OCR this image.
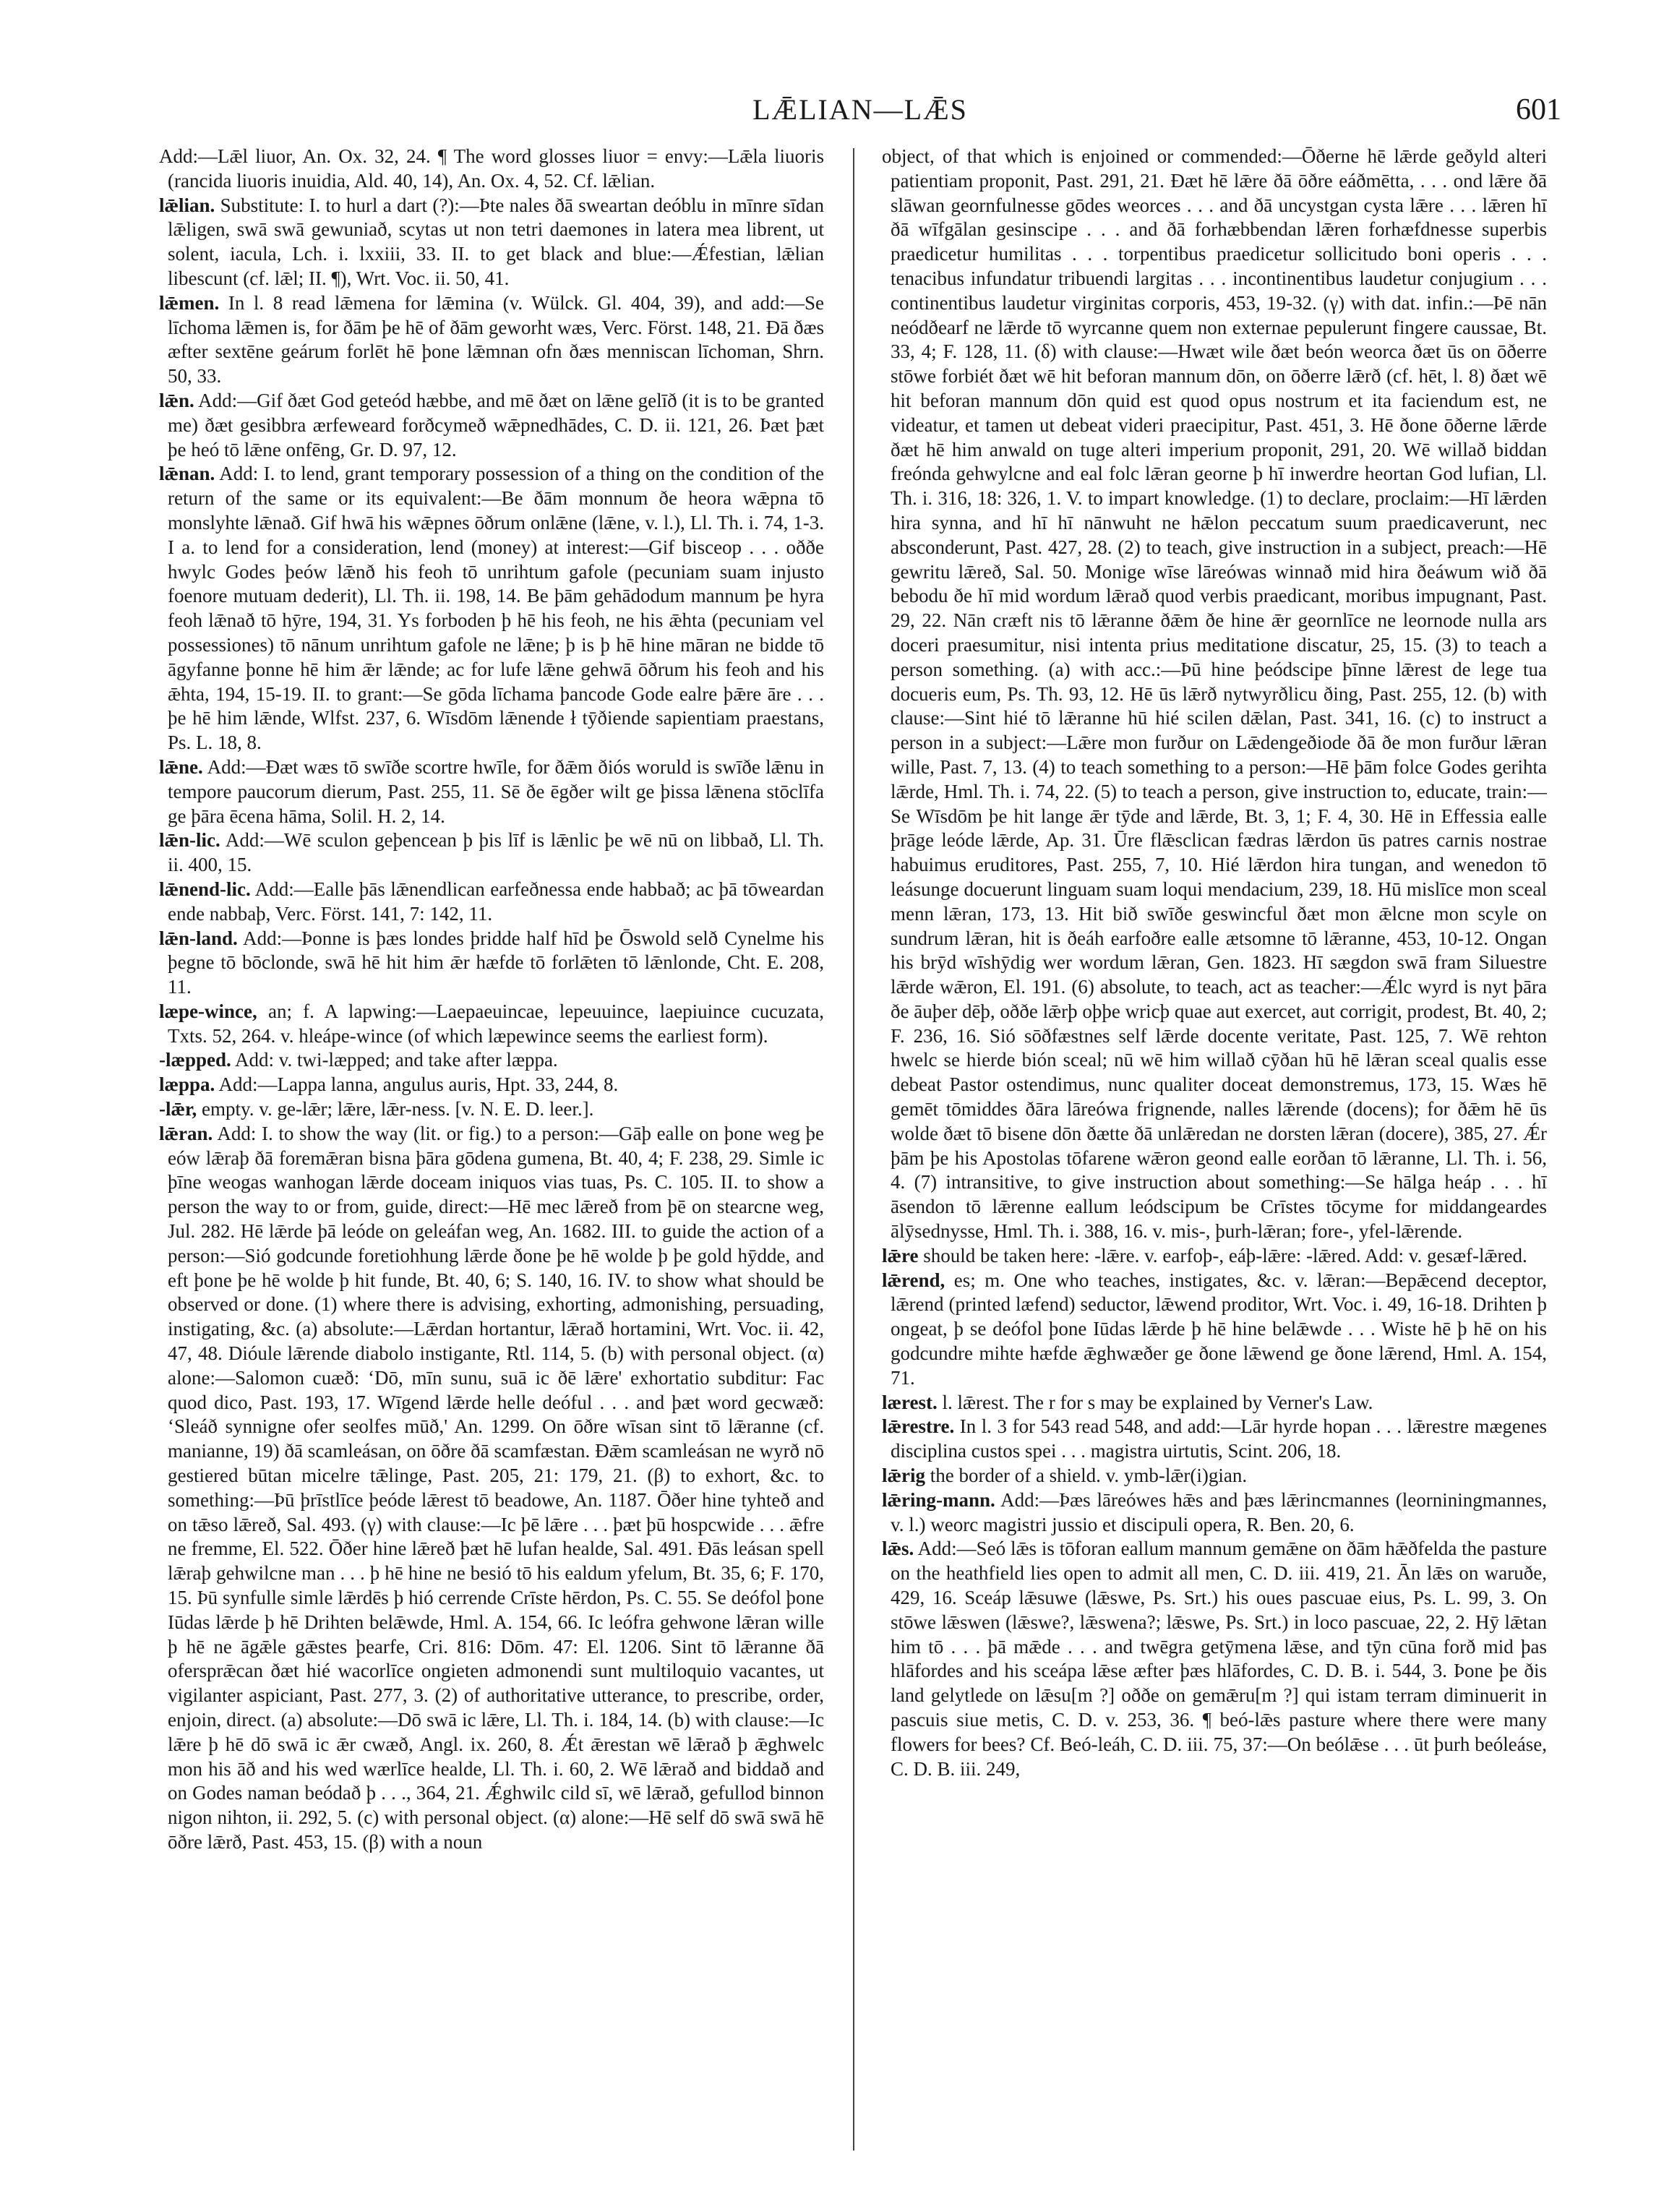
LǢLIAN—LǢS	601

Add:—Lǣl liuor, An. Ox. 32, 24. ¶ The word glosses liuor = envy:—Lǣla liuoris (rancida liuoris inuidia, Ald. 40, 14), An. Ox. 4, 52. Cf. lǣlian.

lǣlian. Substitute: I. to hurl a dart (?):—Þte nales ðā sweartan deóblu in mīnre sīdan lǣligen, swā swā gewuniað, scytas ut non tetri daemones in latera mea librent, ut solent, iacula, Lch. i. lxxiii, 33. II. to get black and blue:—Ǽfestian, lǣlian libescunt (cf. lǣl; II. ¶), Wrt. Voc. ii. 50, 41.

lǣmen. In l. 8 read lǣmena for lǣmina (v. Wülck. Gl. 404, 39), and add:—Se līchoma lǣmen is, for ðām þe hē of ðām geworht wæs, Verc. Först. 148, 21. Ðā ðæs æfter sextēne geárum forlēt hē þone lǣmnan ofn ðæs menniscan līchoman, Shrn. 50, 33.

lǣn. Add:—Gif ðæt God geteód hæbbe, and mē ðæt on lǣne gelīð (it is to be granted me) ðæt gesibbra ærfeweard forðcymeð wǣpnedhādes, C. D. ii. 121, 26. Þæt þæt þe heó tō lǣne onfēng, Gr. D. 97, 12.

lǣnan. Add: I. to lend, grant temporary possession of a thing on the condition of the return of the same or its equivalent:—Be ðām monnum ðe heora wǣpna tō monslyhte lǣnað. Gif hwā his wǣpnes ōðrum onlǣne (lǣne, v. l.), Ll. Th. i. 74, 1-3. I a. to lend for a consideration, lend (money) at interest:—Gif bisceop . . . oððe hwylc Godes þeów lǣnð his feoh tō unrihtum gafole (pecuniam suam injusto foenore mutuam dederit), Ll. Th. ii. 198, 14. Be þām gehādodum mannum þe hyra feoh lǣnað tō hȳre, 194, 31. Ys forboden þ hē his feoh, ne his ǣhta (pecuniam vel possessiones) tō nānum unrihtum gafole ne lǣne; þ is þ hē hine māran ne bidde tō āgyfanne þonne hē him ǣr lǣnde; ac for lufe lǣne gehwā ōðrum his feoh and his ǣhta, 194, 15-19. II. to grant:—Se gōda līchama þancode Gode ealre þǣre āre . . . þe hē him lǣnde, Wlfst. 237, 6. Wīsdōm lǣnende ł tȳðiende sapientiam praestans, Ps. L. 18, 8.

lǣne. Add:—Ðæt wæs tō swīðe scortre hwīle, for ðǣm ðiós woruld is swīðe lǣnu in tempore paucorum dierum, Past. 255, 11. Sē ðe ēgðer wilt ge þissa lǣnena stōclīfa ge þāra ēcena hāma, Solil. H. 2, 14.

lǣn-lic. Add:—Wē sculon geþencean þ þis līf is lǣnlic þe wē nū on libbað, Ll. Th. ii. 400, 15.

lǣnend-lic. Add:—Ealle þās lǣnendlican earfeðnessa ende habbað; ac þā tōweardan ende nabbaþ, Verc. Först. 141, 7: 142, 11.

lǣn-land. Add:—Þonne is þæs londes þridde half hīd þe Ōswold selð Cynelme his þegne tō bōclonde, swā hē hit him ǣr hæfde tō forlǣten tō lǣnlonde, Cht. E. 208, 11.

læpe-wince, an; f. A lapwing:—Laepaeuincae, lepeuuince, laepiuince cucuzata, Txts. 52, 264. v. hleápe-wince (of which læpewince seems the earliest form).

-læpped. Add: v. twi-læpped; and take after læppa.

læppa. Add:—Lappa lanna, angulus auris, Hpt. 33, 244, 8.

-lǣr, empty. v. ge-lǣr; lǣre, lǣr-ness. [v. N. E. D. leer.].

lǣran. Add: I. to show the way (lit. or fig.) to a person:—Gāþ ealle on þone weg þe eów lǣraþ ðā foremǣran bisna þāra gōdena gumena, Bt. 40, 4; F. 238, 29. Simle ic þīne weogas wanhogan lǣrde doceam iniquos vias tuas, Ps. C. 105. II. to show a person the way to or from, guide, direct:—Hē mec lǣreð from þē on stearcne weg, Jul. 282. Hē lǣrde þā leóde on geleáfan weg, An. 1682. III. to guide the action of a person:—Sió godcunde foretiohhung lǣrde ðone þe hē wolde þ þe gold hȳdde, and eft þone þe hē wolde þ hit funde, Bt. 40, 6; S. 140, 16. IV. to show what should be observed or done. (1) where there is advising, exhorting, admonishing, persuading, instigating, &c. (a) absolute:—Lǣrdan hortantur, lǣrað hortamini, Wrt. Voc. ii. 42, 47, 48. Dióule lǣrende diabolo instigante, Rtl. 114, 5. (b) with personal object. (α) alone:—Salomon cuæð: ʻDō, mīn sunu, suā ic ðē lǣre' exhortatio subditur: Fac quod dico, Past. 193, 17. Wīgend lǣrde helle deóful . . . and þæt word gecwæð: ʻSleáð synnigne ofer seolfes mūð,' An. 1299. On ōðre wīsan sint tō lǣranne (cf. manianne, 19) ðā scamleásan, on ōðre ðā scamfæstan. Ðǣm scamleásan ne wyrð nō gestiered būtan micelre tǣlinge, Past. 205, 21: 179, 21. (β) to exhort, &c. to something:—Þū þrīstlīce þeóde lǣrest tō beadowe, An. 1187. Ōðer hine tyhteð and on tǣso lǣreð, Sal. 493. (γ) with clause:—Ic þē lǣre . . . þæt þū hospcwide . . . ǣfre ne fremme, El. 522. Ōðer hine lǣreð þæt hē lufan healde, Sal. 491. Ðās leásan spell lǣraþ gehwilcne man . . . þ hē hine ne besió tō his ealdum yfelum, Bt. 35, 6; F. 170, 15. Þū synfulle simle lǣrdēs þ hió cerrende Crīste hērdon, Ps. C. 55. Se deófol þone Iūdas lǣrde þ hē Drihten belǣwde, Hml. A. 154, 66. Ic leófra gehwone lǣran wille þ hē ne āgǣle gǣstes þearfe, Cri. 816: Dōm. 47: El. 1206. Sint tō lǣranne ðā ofersprǣcan ðæt hié wacorlīce ongieten admonendi sunt multiloquio vacantes, ut vigilanter aspiciant, Past. 277, 3. (2) of authoritative utterance, to prescribe, order, enjoin, direct. (a) absolute:—Dō swā ic lǣre, Ll. Th. i. 184, 14. (b) with clause:—Ic lǣre þ hē dō swā ic ǣr cwæð, Angl. ix. 260, 8. Ǽt ǣrestan wē lǣrað þ ǣghwelc mon his āð and his wed wærlīce healde, Ll. Th. i. 60, 2. Wē lǣrað and biddað and on Godes naman beódað þ . . ., 364, 21. Ǽghwilc cild sī, wē lǣrað, gefullod binnon nigon nihton, ii. 292, 5. (c) with personal object. (α) alone:—Hē self dō swā swā hē ōðre lǣrð, Past. 453, 15. (β) with a noun

object, of that which is enjoined or commended:—Ōðerne hē lǣrde geðyld alteri patientiam proponit, Past. 291, 21. Ðæt hē lǣre ðā ōðre eáðmētta, . . . ond lǣre ðā slāwan geornfulnesse gōdes weorces . . . and ðā uncystgan cysta lǣre . . . lǣren hī ðā wīfgālan gesinscipe . . . and ðā forhæbbendan lǣren forhæfdnesse superbis praedicetur humilitas . . . torpentibus praedicetur sollicitudo boni operis . . . tenacibus infundatur tribuendi largitas . . . incontinentibus laudetur conjugium . . . continentibus laudetur virginitas corporis, 453, 19-32. (γ) with dat. infin.:—Þē nān neódðearf ne lǣrde tō wyrcanne quem non externae pepulerunt fingere caussae, Bt. 33, 4; F. 128, 11. (δ) with clause:—Hwæt wile ðæt beón weorca ðæt ūs on ōðerre stōwe forbiét ðæt wē hit beforan mannum dōn, on ōðerre lǣrð (cf. hēt, l. 8) ðæt wē hit beforan mannum dōn quid est quod opus nostrum et ita faciendum est, ne videatur, et tamen ut debeat videri praecipitur, Past. 451, 3. Hē ðone ōðerne lǣrde ðæt hē him anwald on tuge alteri imperium proponit, 291, 20. Wē willað biddan freónda gehwylcne and eal folc lǣran georne þ hī inwerdre heortan God lufian, Ll. Th. i. 316, 18: 326, 1. V. to impart knowledge. (1) to declare, proclaim:—Hī lǣrden hira synna, and hī hī nānwuht ne hǣlon peccatum suum praedicaverunt, nec absconderunt, Past. 427, 28. (2) to teach, give instruction in a subject, preach:—Hē gewritu lǣreð, Sal. 50. Monige wīse lāreówas winnað mid hira ðeáwum wið ðā bebodu ðe hī mid wordum lǣrað quod verbis praedicant, moribus impugnant, Past. 29, 22. Nān cræft nis tō lǣranne ðǣm ðe hine ǣr geornlīce ne leornode nulla ars doceri praesumitur, nisi intenta prius meditatione discatur, 25, 15. (3) to teach a person something. (a) with acc.:—Þū hine þeódscipe þīnne lǣrest de lege tua docueris eum, Ps. Th. 93, 12. Hē ūs lǣrð nytwyrðlicu ðing, Past. 255, 12. (b) with clause:—Sint hié tō lǣranne hū hié scilen dǣlan, Past. 341, 16. (c) to instruct a person in a subject:—Lǣre mon furður on Lǣdengeðiode ðā ðe mon furður lǣran wille, Past. 7, 13. (4) to teach something to a person:—Hē þām folce Godes gerihta lǣrde, Hml. Th. i. 74, 22. (5) to teach a person, give instruction to, educate, train:—Se Wīsdōm þe hit lange ǣr tȳde and lǣrde, Bt. 3, 1; F. 4, 30. Hē in Effessia ealle þrāge leóde lǣrde, Ap. 31. Ūre flǣsclican fædras lǣrdon ūs patres carnis nostrae habuimus eruditores, Past. 255, 7, 10. Hié lǣrdon hira tungan, and wenedon tō leásunge docuerunt linguam suam loqui mendacium, 239, 18. Hū mislīce mon sceal menn lǣran, 173, 13. Hit bið swīðe geswincful ðæt mon ǣlcne mon scyle on sundrum lǣran, hit is ðeáh earfoðre ealle ætsomne tō lǣranne, 453, 10-12. Ongan his brȳd wīshȳdig wer wordum lǣran, Gen. 1823. Hī sægdon swā fram Siluestre lǣrde wǣron, El. 191. (6) absolute, to teach, act as teacher:—Ǽlc wyrd is nyt þāra ðe āuþer dēþ, oððe lǣrþ oþþe wricþ quae aut exercet, aut corrigit, prodest, Bt. 40, 2; F. 236, 16. Sió sōðfæstnes self lǣrde docente veritate, Past. 125, 7. Wē rehton hwelc se hierde bión sceal; nū wē him willað cȳðan hū hē lǣran sceal qualis esse debeat Pastor ostendimus, nunc qualiter doceat demonstremus, 173, 15. Wæs hē gemēt tōmiddes ðāra lāreówa frignende, nalles lǣrende (docens); for ðǣm hē ūs wolde ðæt tō bisene dōn ðætte ðā unlǣredan ne dorsten lǣran (docere), 385, 27. Ǽr þām þe his Apostolas tōfarene wǣron geond ealle eorðan tō lǣranne, Ll. Th. i. 56, 4. (7) intransitive, to give instruction about something:—Se hālga heáp . . . hī āsendon tō lǣrenne eallum leódscipum be Crīstes tōcyme for middangeardes ālȳsednysse, Hml. Th. i. 388, 16. v. mis-, þurh-lǣran; fore-, yfel-lǣrende.

lǣre should be taken here: -lǣre. v. earfoþ-, eáþ-lǣre: -lǣred. Add: v. gesæf-lǣred.

lǣrend, es; m. One who teaches, instigates, &c. v. lǣran:—Bepǣcend deceptor, lǣrend (printed læfend) seductor, lǣwend proditor, Wrt. Voc. i. 49, 16-18. Drihten þ ongeat, þ se deófol þone Iūdas lǣrde þ hē hine belǣwde . . . Wiste hē þ hē on his godcundre mihte hæfde ǣghwæðer ge ðone lǣwend ge ðone lǣrend, Hml. A. 154, 71.

lærest. l. lǣrest. The r for s may be explained by Verner's Law.

lǣrestre. In l. 3 for 543 read 548, and add:—Lār hyrde hopan . . . lǣrestre mægenes disciplina custos spei . . . magistra uirtutis, Scint. 206, 18.

lǣrig the border of a shield. v. ymb-lǣr(i)gian.

lǣring-mann. Add:—Þæs lāreówes hǣs and þæs lǣrincmannes (leorniningmannes, v. l.) weorc magistri jussio et discipuli opera, R. Ben. 20, 6.

lǣs. Add:—Seó lǣs is tōforan eallum mannum gemǣne on ðām hǣðfelda the pasture on the heathfield lies open to admit all men, C. D. iii. 419, 21. Ān lǣs on waruðe, 429, 16. Sceáp lǣsuwe (lǣswe, Ps. Srt.) his oues pascuae eius, Ps. L. 99, 3. On stōwe lǣswen (lǣswe?, lǣswena?; lǣswe, Ps. Srt.) in loco pascuae, 22, 2. Hȳ lǣtan him tō . . . þā mǣde . . . and twēgra getȳmena lǣse, and tȳn cūna forð mid þas hlāfordes and his sceápa lǣse æfter þæs hlāfordes, C. D. B. i. 544, 3. Þone þe ðis land gelytlede on lǣsu[m ?] oððe on gemǣru[m ?] qui istam terram diminuerit in pascuis siue metis, C. D. v. 253, 36. ¶ beó-lǣs pasture where there were many flowers for bees? Cf. Beó-leáh, C. D. iii. 75, 37:—On beólǣse . . . ūt þurh beóleáse, C. D. B. iii. 249,
